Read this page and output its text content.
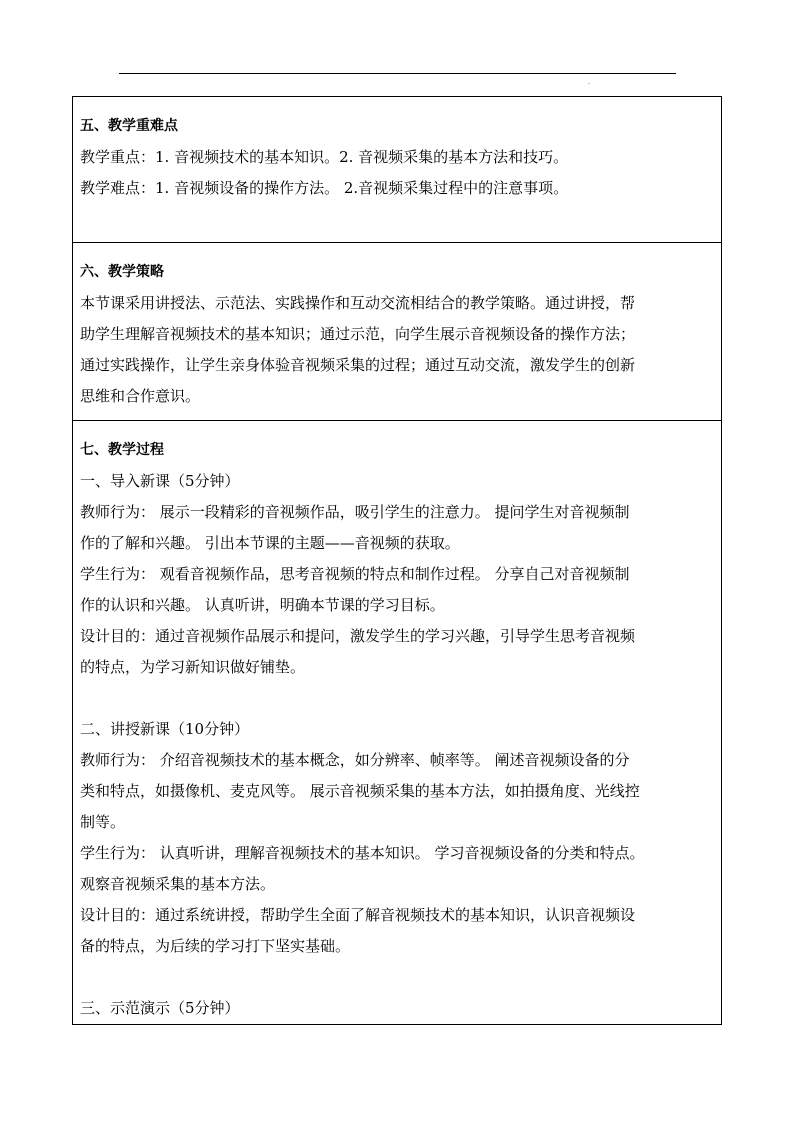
·
五、教学重难点
教学重点：1. 音视频技术的基本知识。2. 音视频采集的基本方法和技巧。
教学难点：1. 音视频设备的操作方法。 2.音视频采集过程中的注意事项。

六、教学策略
本节课采用讲授法、示范法、实践操作和互动交流相结合的教学策略。通过讲授，帮
助学生理解音视频技术的基本知识；通过示范，向学生展示音视频设备的操作方法；
通过实践操作，让学生亲身体验音视频采集的过程；通过互动交流，激发学生的创新
思维和合作意识。

七、教学过程
一、导入新课（5分钟）
教师行为： 展示一段精彩的音视频作品，吸引学生的注意力。 提问学生对音视频制
作的了解和兴趣。 引出本节课的主题——音视频的获取。
学生行为： 观看音视频作品，思考音视频的特点和制作过程。 分享自己对音视频制
作的认识和兴趣。 认真听讲，明确本节课的学习目标。
设计目的：通过音视频作品展示和提问，激发学生的学习兴趣，引导学生思考音视频
的特点，为学习新知识做好铺垫。
二、讲授新课（10分钟）
教师行为： 介绍音视频技术的基本概念，如分辨率、帧率等。 阐述音视频设备的分
类和特点，如摄像机、麦克风等。 展示音视频采集的基本方法，如拍摄角度、光线控
制等。
学生行为： 认真听讲，理解音视频技术的基本知识。 学习音视频设备的分类和特点。
观察音视频采集的基本方法。
设计目的：通过系统讲授，帮助学生全面了解音视频技术的基本知识，认识音视频设
备的特点，为后续的学习打下坚实基础。
三、示范演示（5分钟）
